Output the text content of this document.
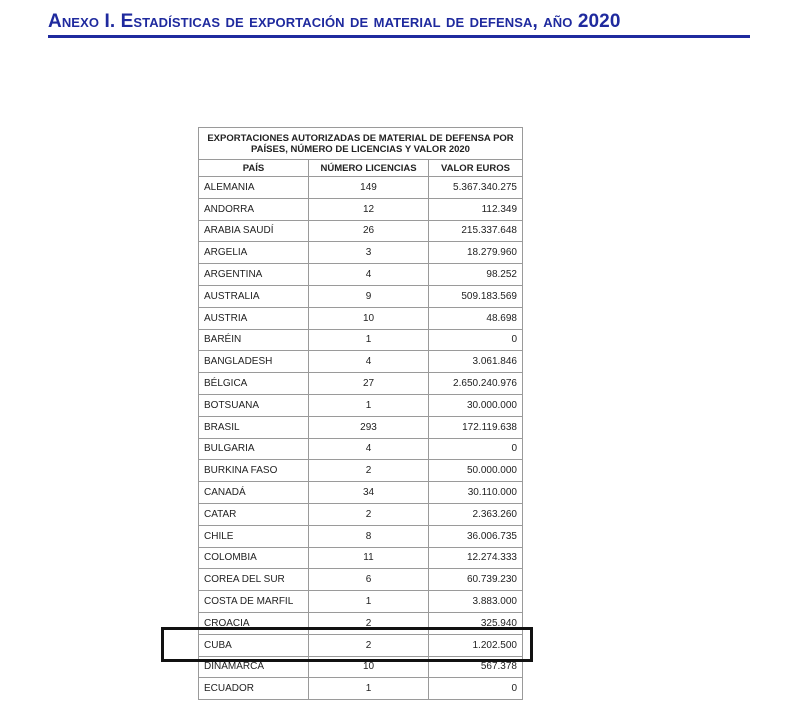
Anexo I. Estadísticas de exportación de material de defensa, año 2020
EXPORTACIONES AUTORIZADAS DE MATERIAL DE DEFENSA POR PAÍSES, NÚMERO DE LICENCIAS Y VALOR 2020		
PAÍS	NÚMERO LICENCIAS	VALOR EUROS
ALEMANIA	149	5.367.340.275
ANDORRA	12	112.349
ARABIA SAUDÍ	26	215.337.648
ARGELIA	3	18.279.960
ARGENTINA	4	98.252
AUSTRALIA	9	509.183.569
AUSTRIA	10	48.698
BARÉIN	1	0
BANGLADESH	4	3.061.846
BÉLGICA	27	2.650.240.976
BOTSUANA	1	30.000.000
BRASIL	293	172.119.638
BULGARIA	4	0
BURKINA FASO	2	50.000.000
CANADÁ	34	30.110.000
CATAR	2	2.363.260
CHILE	8	36.006.735
COLOMBIA	11	12.274.333
COREA DEL SUR	6	60.739.230
COSTA DE MARFIL	1	3.883.000
CROACIA	2	325.940
CUBA	2	1.202.500
DINAMARCA	10	567.378
ECUADOR	1	0
